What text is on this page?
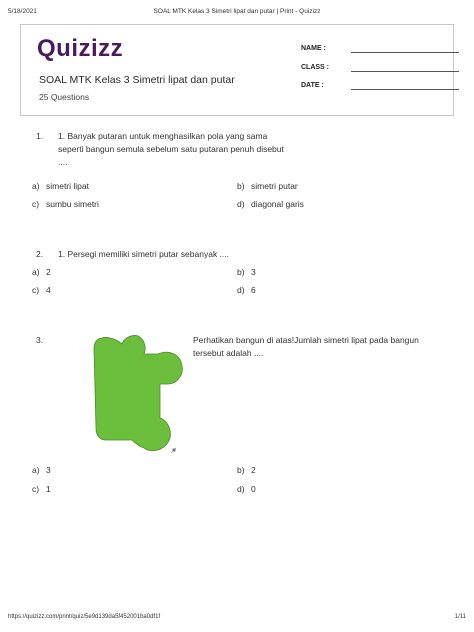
5/18/2021	SOAL MTK Kelas 3 Simetri lipat dan putar | Print - Quizizz
Quizizz
SOAL MTK Kelas 3 Simetri lipat dan putar
25 Questions
NAME :
CLASS :
DATE :
1. 1. Banyak putaran untuk menghasilkan pola yang sama seperti bangun semula sebelum satu putaran penuh disebut ....
a) simetri lipat	b) simetri putar
c) sumbu simetri	d) diagonal garis
2. 1. Persegi memiliki simetri putar sebanyak ....
a) 2	b) 3
c) 4	d) 6
3.	Perhatikan bangun di atas!Jumlah simetri lipat pada bangun tersebut adalah ....
a) 3	b) 2
c) 1	d) 0
https://quizizz.com/print/quiz/5e9d139da5f452001ba0df1f	1/11
